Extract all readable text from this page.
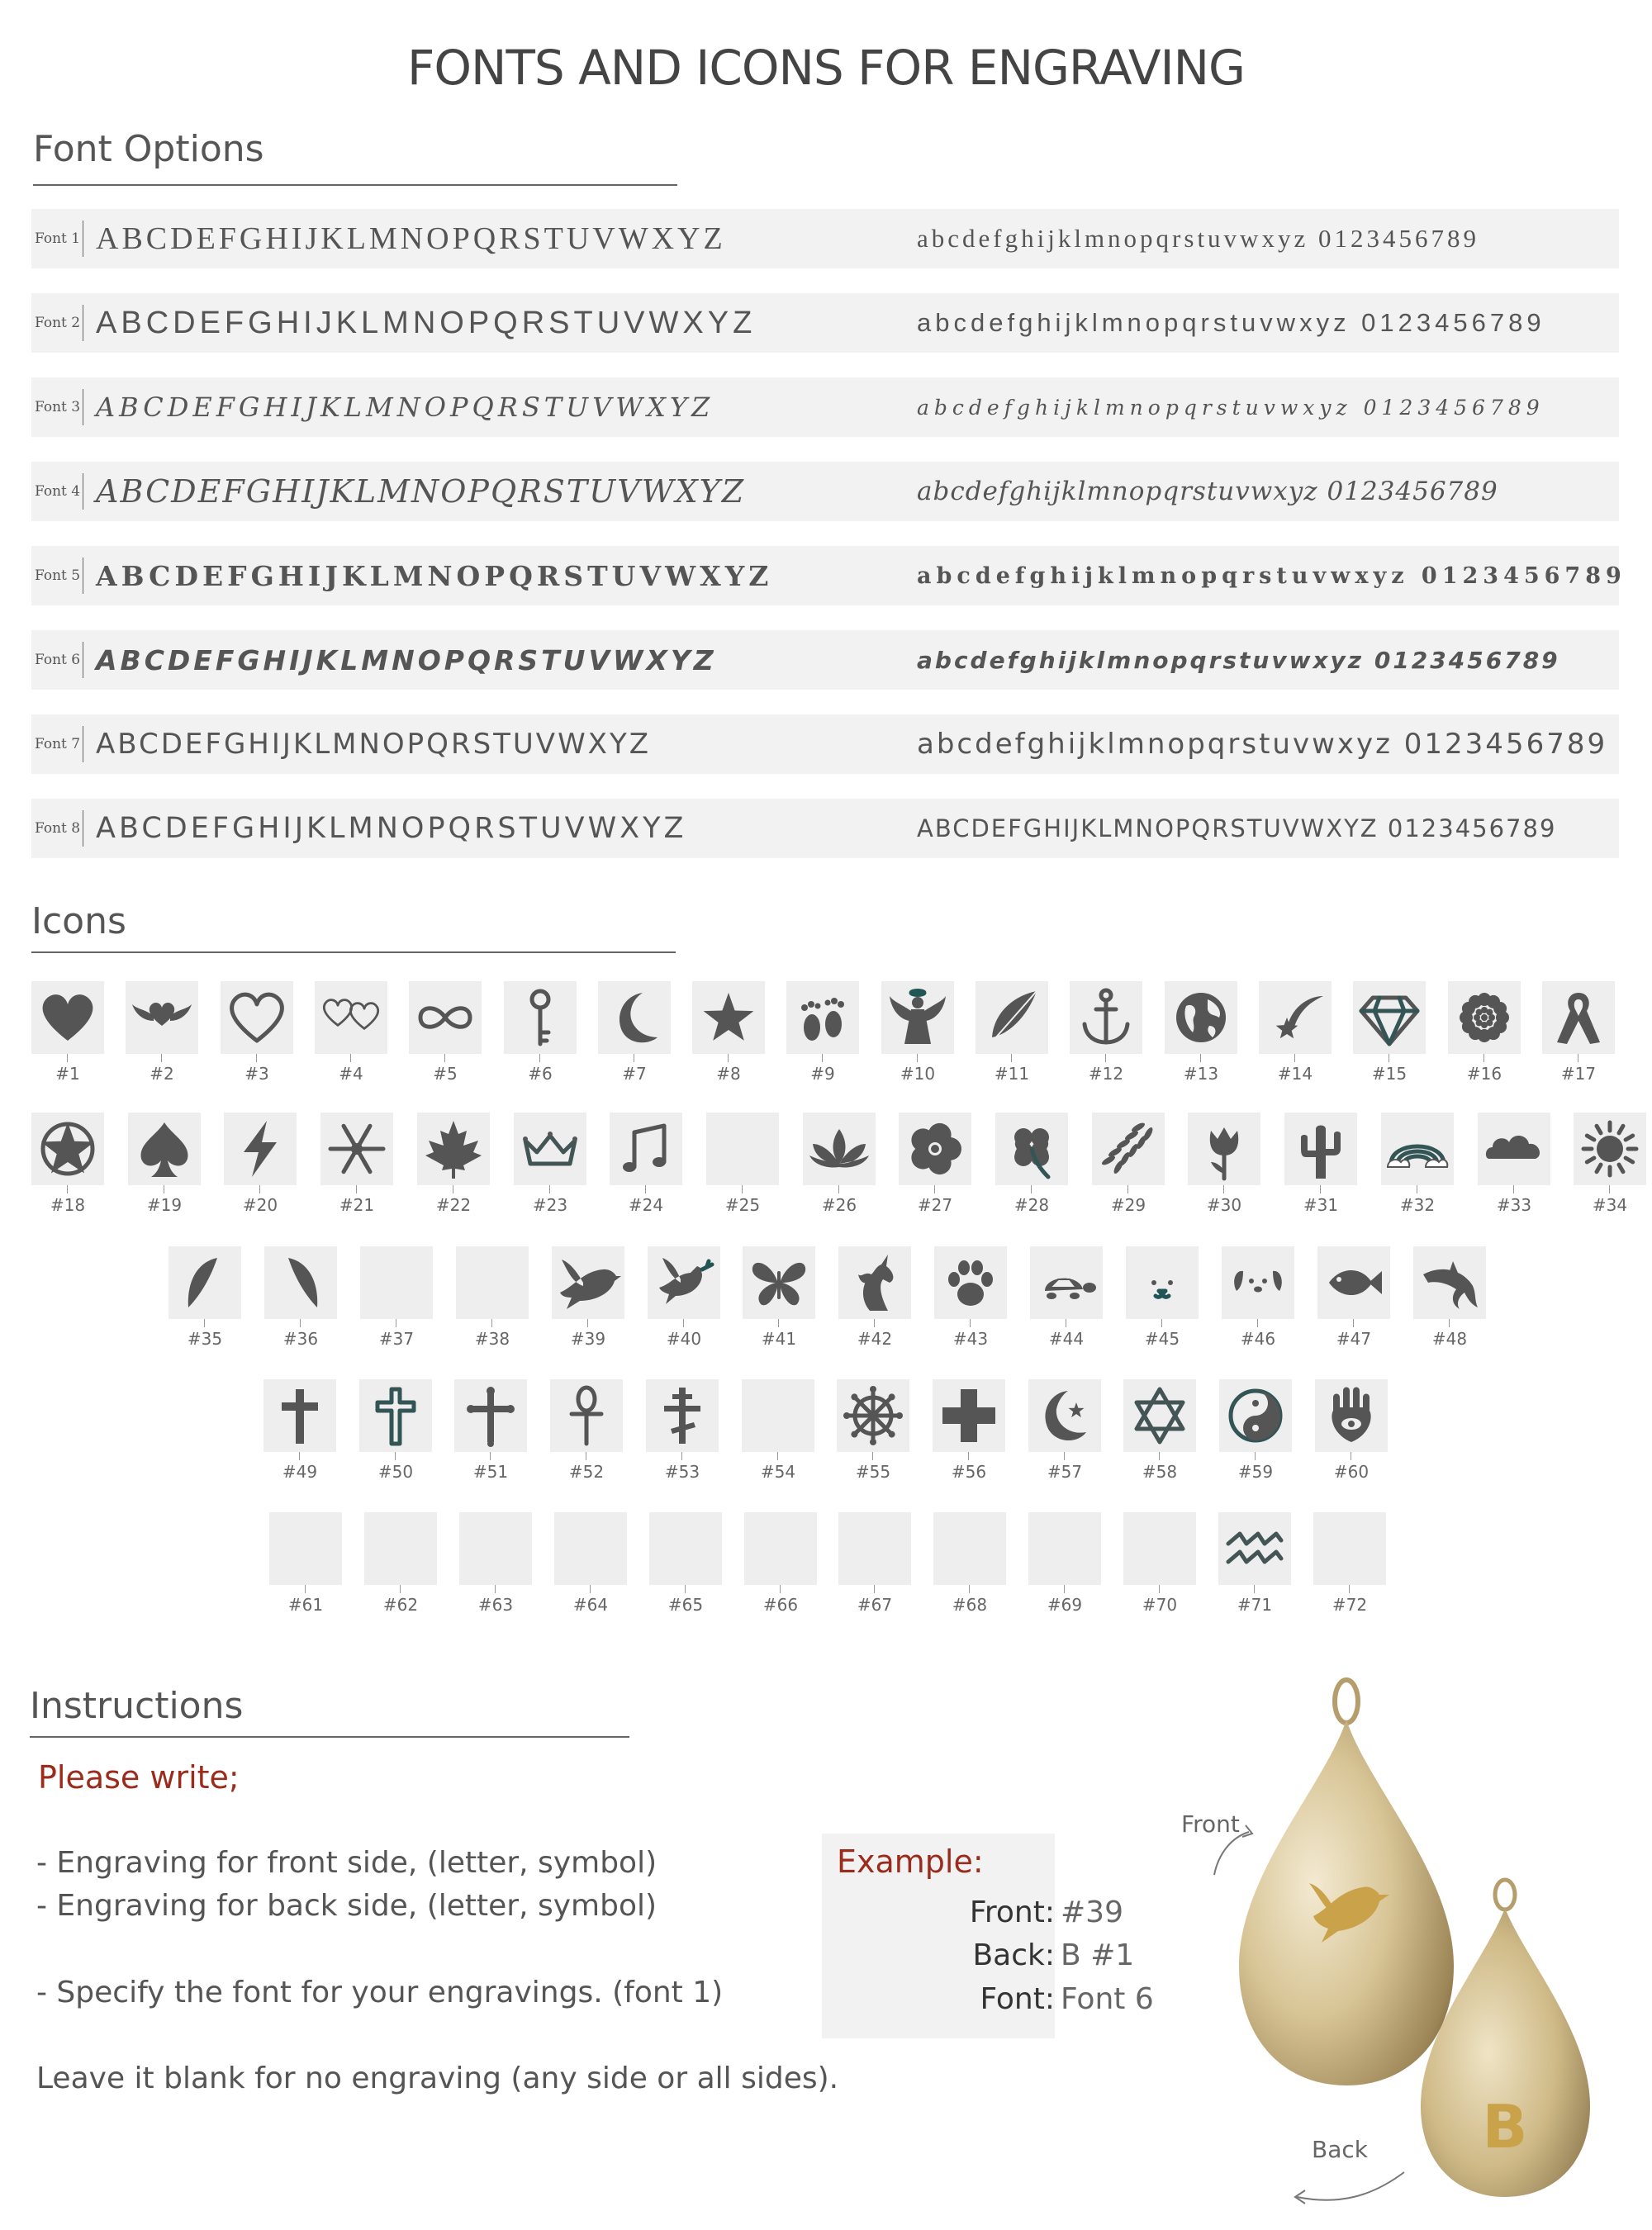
FONTS AND ICONS FOR ENGRAVING
Font Options
Font 1 ABCDEFGHIJKLMNOPQRSTUVWXYZ	abcdefghijklmnopqrstuvwxyz 0123456789
Font 2 ABCDEFGHIJKLMNOPQRSTUVWXYZ	abcdefghijklmnopqrstuvwxyz 0123456789
Font 3 ABCDEFGHIJKLMNOPQRSTUVWXYZ	abcdefghijklmnopqrstuvwxyz 0123456789
Font 4 ABCDEFGHIJKLMNOPQRSTUVWXYZ	abcdefghijklmnopqrstuvwxyz 0123456789
Font 5 ABCDEFGHIJKLMNOPQRSTUVWXYZ	abcdefghijklmnopqrstuvwxyz 0123456789
Font 6 ABCDEFGHIJKLMNOPQRSTUVWXYZ	abcdefghijklmnopqrstuvwxyz 0123456789
Font 7 ABCDEFGHIJKLMNOPQRSTUVWXYZ	abcdefghijklmnopqrstuvwxyz 0123456789
Font 8 ABCDEFGHIJKLMNOPQRSTUVWXYZ	ABCDEFGHIJKLMNOPQRSTUVWXYZ 0123456789
Icons
#1	#2	#3	#4	#5	#6	#7	#8	#9	#10	#11	#12	#13	#14	#15	#16	#17
#18	#19	#20	#21	#22	#23	#24	#25	#26	#27	#28	#29	#30	#31	#32	#33	#34
#35	#36	#37	#38	#39	#40	#41	#42	#43	#44	#45	#46	#47	#48
#49	#50	#51	#52	#53	#54	#55	#56	#57	#58	#59	#60
#61	#62	#63	#64	#65	#66	#67	#68	#69	#70	#71	#72
Instructions
Please write;
- Engraving for front side, (letter, symbol)
- Engraving for back side, (letter, symbol)
- Specify the font for your engravings. (font 1)
Leave it blank for no engraving (any side or all sides).
Example:
Front: #39
Back: B #1
Font: Font 6
B
Front
Back
